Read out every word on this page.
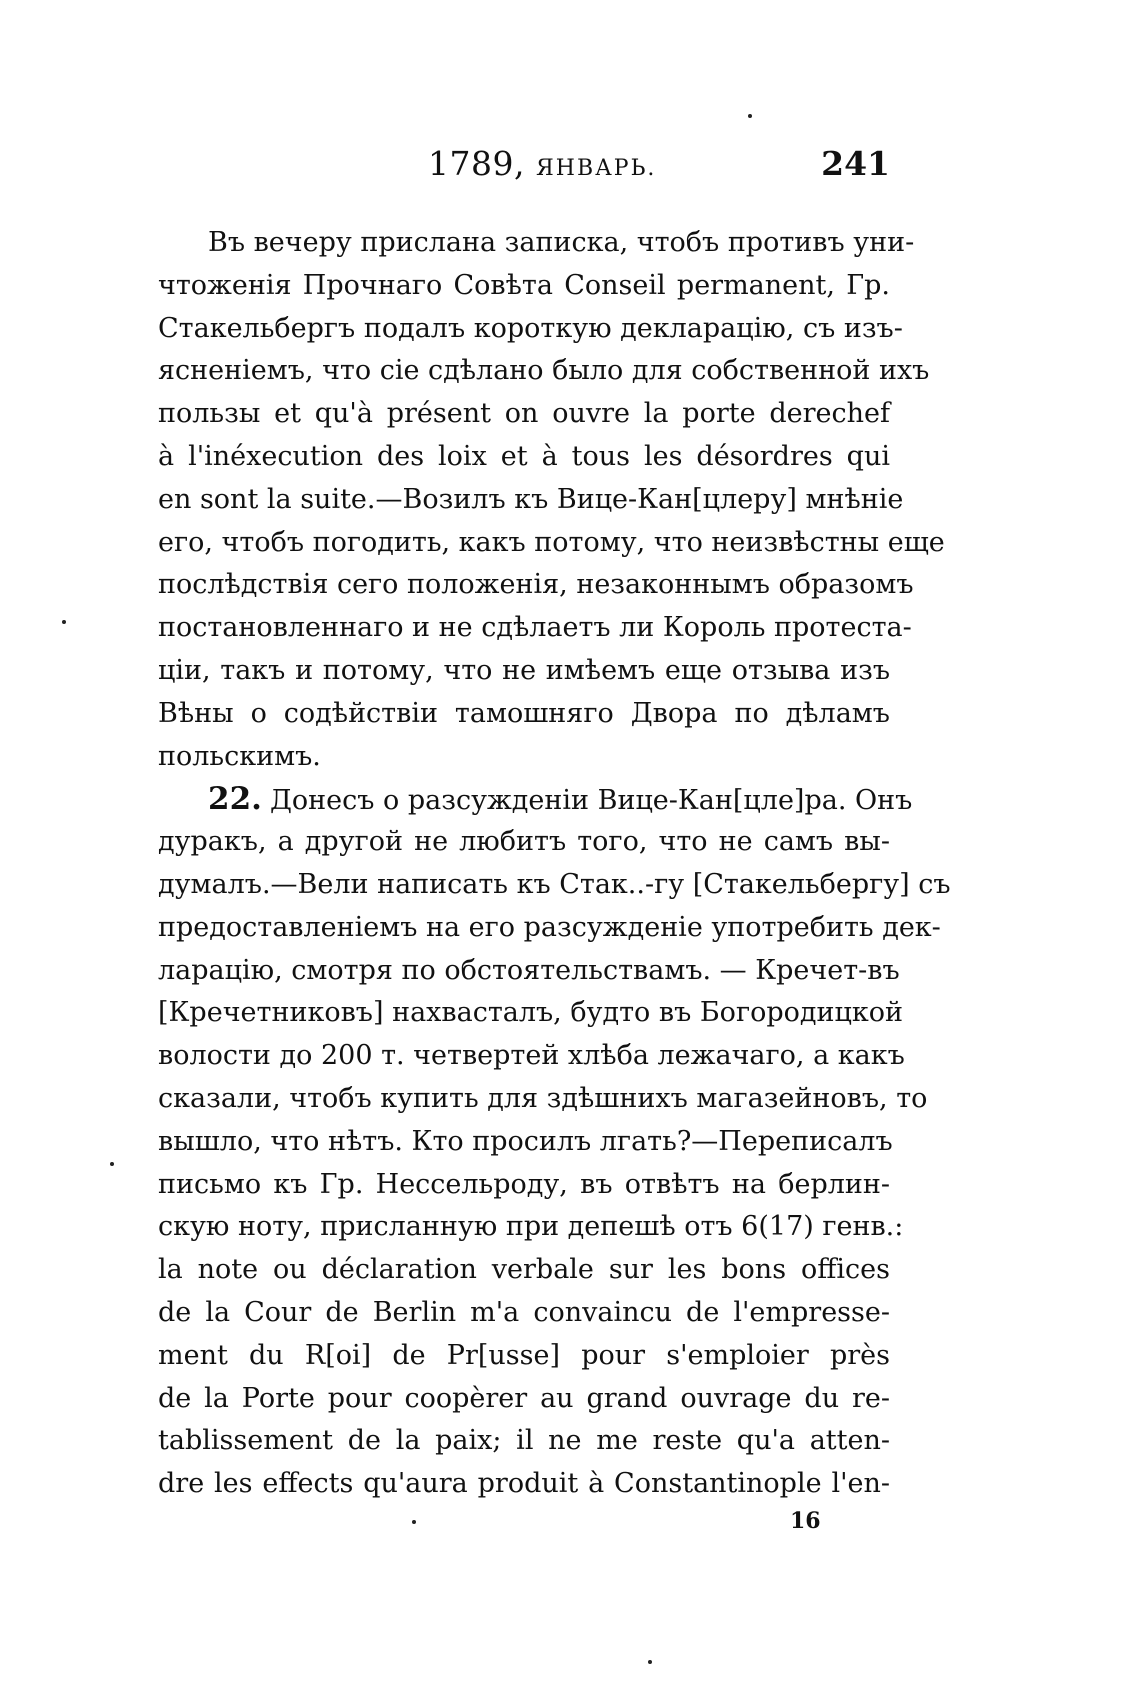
1789, ЯНВАРЬ.	241
Въ вечеру прислана записка, чтобъ противъ уни-
чтоженія Прочнаго Совѣта Conseil permanent, Гр.
Стакельбергъ подалъ короткую декларацію, съ изъ-
ясненіемъ, что сіе сдѣлано было для собственной ихъ
пользы et qu'à présent on ouvre la porte derechef
à l'inéxecution des loix et à tous les désordres qui
en sont la suite.—Возилъ къ Вице-Кан[цлеру] мнѣніе
его, чтобъ погодить, какъ потому, что неизвѣстны еще
послѣдствія сего положенія, незаконнымъ образомъ
постановленнаго и не сдѣлаетъ ли Король протеста-
ціи, такъ и потому, что не имѣемъ еще отзыва изъ
Вѣны о содѣйствіи тамошняго Двора по дѣламъ
польскимъ.
22. Донесъ о разсужденіи Вице-Кан[цле]ра. Онъ
дуракъ, а другой не любитъ того, что не самъ вы-
думалъ.—Вели написать къ Стак..-гу [Стакельбергу] съ
предоставленіемъ на его разсужденіе употребить дек-
ларацію, смотря по обстоятельствамъ. — Кречет-въ
[Кречетниковъ] нахвасталъ, будто въ Богородицкой
волости до 200 т. четвертей хлѣба лежачаго, а какъ
сказали, чтобъ купить для здѣшнихъ магазейновъ, то
вышло, что нѣтъ. Кто просилъ лгать?—Переписалъ
письмо къ Гр. Нессельроду, въ отвѣтъ на берлин-
скую ноту, присланную при депешѣ отъ 6(17) генв.:
la note ou déclaration verbale sur les bons offices
de la Cour de Berlin m'a convaincu de l'empresse-
ment du R[oi] de Pr[usse] pour s'emploier près
de la Porte pour coopèrer au grand ouvrage du re-
tablissement de la paix; il ne me reste qu'a atten-
dre les effects qu'aura produit à Constantinople l'en-
16
